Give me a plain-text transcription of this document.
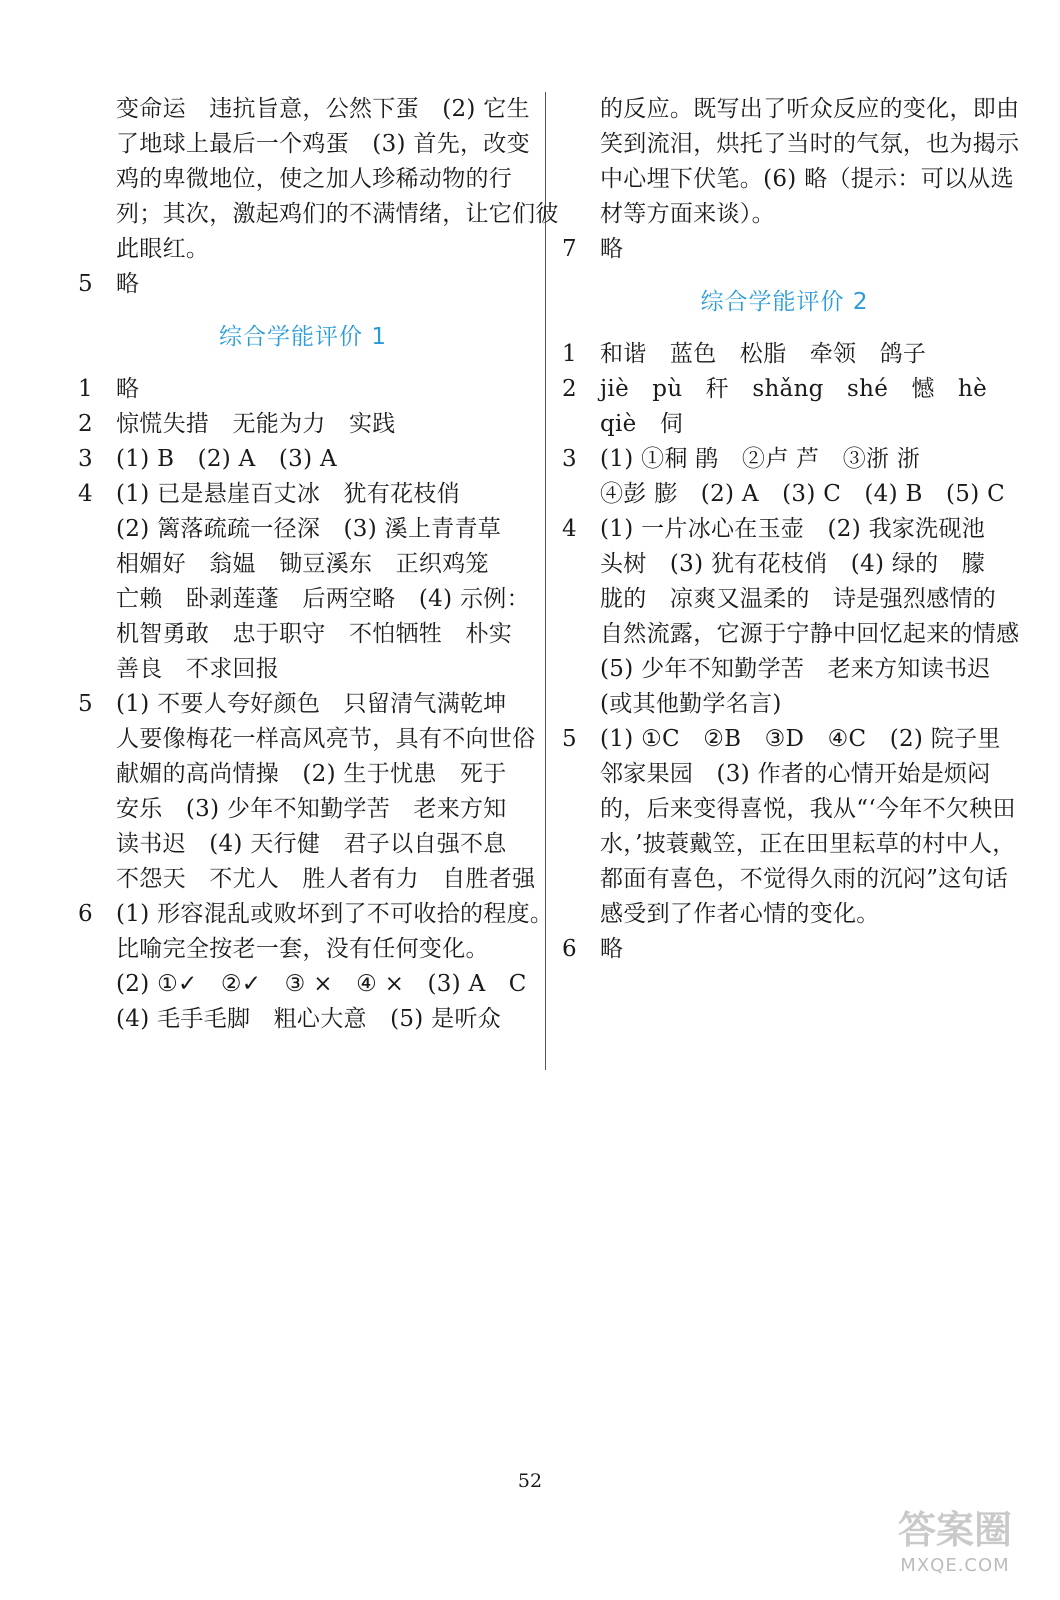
变命运　违抗旨意，公然下蛋　(2) 它生
了地球上最后一个鸡蛋　(3) 首先，改变
鸡的卑微地位，使之加人珍稀动物的行
列；其次，激起鸡们的不满情绪，让它们彼
此眼红。
5	略
综合学能评价 1
1	略
2	惊慌失措　无能为力　实践
3	(1) B　(2) A　(3) A
4	(1) 已是悬崖百丈冰　犹有花枝俏
(2) 篱落疏疏一径深　(3) 溪上青青草
相媚好　翁媪　锄豆溪东　正织鸡笼
亡赖　卧剥莲蓬　后两空略　(4) 示例：
机智勇敢　忠于职守　不怕牺牲　朴实
善良　不求回报
5	(1) 不要人夸好颜色　只留清气满乾坤
人要像梅花一样高风亮节，具有不向世俗
献媚的高尚情操　(2) 生于忧患　死于
安乐　(3) 少年不知勤学苦　老来方知
读书迟　(4) 天行健　君子以自强不息
不怨天　不尤人　胜人者有力　自胜者强
6	(1) 形容混乱或败坏到了不可收拾的程度。
比喻完全按老一套，没有任何变化。
(2) ①✓　②✓　③ ×　④ ×　(3) A　C
(4) 毛手毛脚　粗心大意　(5) 是听众
的反应。既写出了听众反应的变化，即由
笑到流泪，烘托了当时的气氛，也为揭示
中心埋下伏笔。(6) 略（提示：可以从选
材等方面来谈）。
7	略
综合学能评价 2
1	和谐　蓝色　松脂　牵领　鸽子
2	jiè　pù　秆　shǎng　shé　憾　hè
qiè　伺
3	(1) ①秱 鹃　②卢 芦　③浙 浙
④彭 膨　(2) A　(3) C　(4) B　(5) C
4	(1) 一片冰心在玉壶　(2) 我家洗砚池
头树　(3) 犹有花枝俏　(4) 绿的　朦
胧的　凉爽又温柔的　诗是强烈感情的
自然流露，它源于宁静中回忆起来的情感
(5) 少年不知勤学苦　老来方知读书迟
(或其他勤学名言)
5	(1) ①C　②B　③D　④C　(2) 院子里
邻家果园　(3) 作者的心情开始是烦闷
的，后来变得喜悦，我从“‘今年不欠秧田
水，’披蓑戴笠，正在田里耘草的村中人，
都面有喜色，不觉得久雨的沉闷”这句话
感受到了作者心情的变化。
6	略
52
答案圈
MXQE.COM
